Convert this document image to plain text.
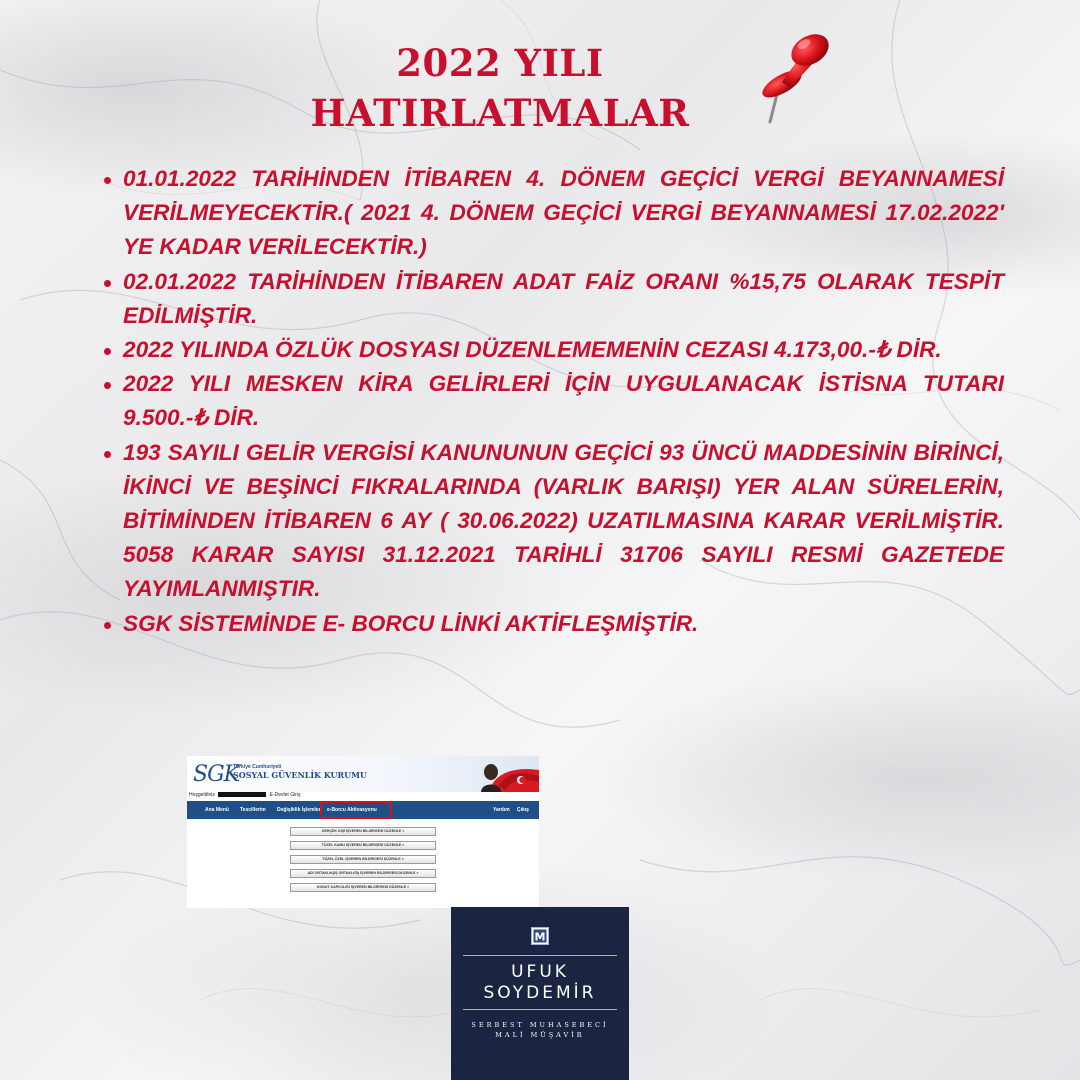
2022 YILI
HATIRLATMALAR
01.01.2022 TARİHİNDEN İTİBAREN 4. DÖNEM GEÇİCİ VERGİ BEYANNAMESİ VERİLMEYECEKTİR.( 2021 4. DÖNEM GEÇİCİ VERGİ BEYANNAMESİ 17.02.2022' YE KADAR VERİLECEKTİR.)
02.01.2022 TARİHİNDEN İTİBAREN ADAT FAİZ ORANI %15,75 OLARAK TESPİT EDİLMİŞTİR.
2022 YILINDA ÖZLÜK DOSYASI DÜZENLEMEMENİN CEZASI 4.173,00.-₺ DİR.
2022 YILI MESKEN KİRA GELİRLERİ İÇİN UYGULANACAK İSTİSNA TUTARI 9.500.-₺ DİR.
193 SAYILI GELİR VERGİSİ KANUNUNUN GEÇİCİ 93 ÜNCÜ MADDESİNİN BİRİNCİ, İKİNCİ VE BEŞİNCİ FIKRALARINDA (VARLIK BARIŞI) YER ALAN SÜRELERİN, BİTİMİNDEN İTİBAREN 6 AY ( 30.06.2022) UZATILMASINA KARAR VERİLMİŞTİR. 5058 KARAR SAYISI 31.12.2021 TARİHLİ 31706 SAYILI RESMİ GAZETEDE YAYIMLANMIŞTIR.
SGK SİSTEMİNDE E- BORCU LİNKİ AKTİFLEŞMİŞTİR.
SGK
Türkiye Cumhuriyeti
SOSYAL GÜVENLİK KURUMU
Hoşgeldiniz	E-Devlet Giriş
Ana Menü Tescillerim Değişiklik İşlemleri e-Borcu Aktivasyonu	Yardım Çıkış
GERÇEK KİŞİ İŞVEREN BİLDİRGESİ DÜZENLE »
TÜZEL KAMU İŞVEREN BİLDİRGESİ DÜZENLE »
TÜZEL ÖZEL İŞVEREN BİLDİRGESİ DÜZENLE »
ADİ ORTAKLIK(İŞ ORTAKLIĞI) İŞVEREN BİLDİRGESİ DÜZENLE »
KONUT KAPICILIĞI İŞVEREN BİLDİRGESİ DÜZENLE »
M
UFUK
SOYDEMİR
SERBEST MUHASEBECİ
MALİ MÜŞAVİR
